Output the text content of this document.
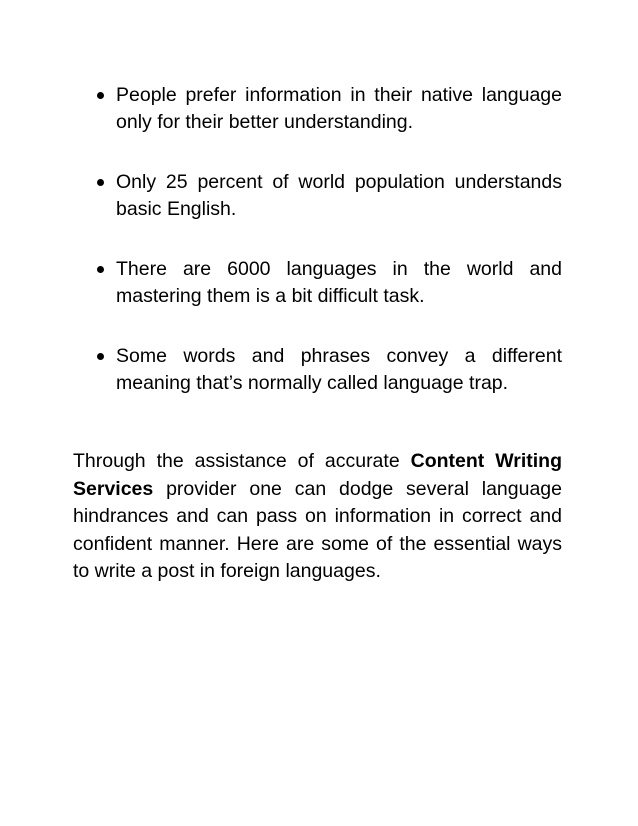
People prefer information in their native language only for their better understanding.
Only 25 percent of world population understands basic English.
There are 6000 languages in the world and mastering them is a bit difficult task.
Some words and phrases convey a different meaning that’s normally called language trap.

Through the assistance of accurate Content Writing Services provider one can dodge several language hindrances and can pass on information in correct and confident manner. Here are some of the essential ways to write a post in foreign languages.
